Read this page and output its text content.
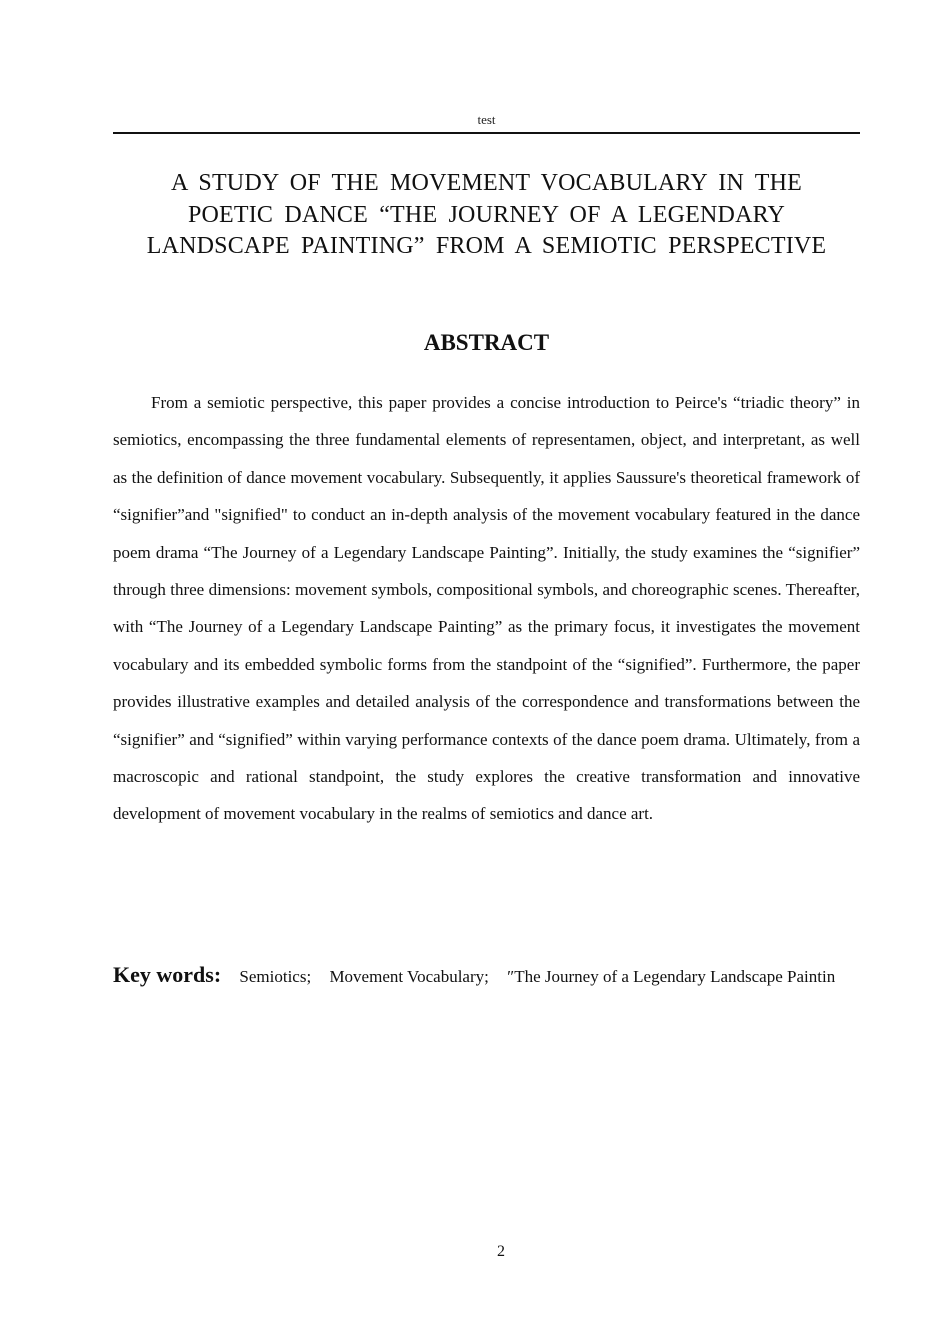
test
A STUDY OF THE MOVEMENT VOCABULARY IN THE
POETIC DANCE “THE JOURNEY OF A LEGENDARY
LANDSCAPE PAINTING” FROM A SEMIOTIC PERSPECTIVE
ABSTRACT

From a semiotic perspective, this paper provides a concise introduction to Peirce's “triadic theory” in semiotics, encompassing the three fundamental elements of representamen, object, and interpretant, as well as the definition of dance movement vocabulary. Subsequently, it applies Saussure's theoretical framework of “signifier”and "signified" to conduct an in-depth analysis of the movement vocabulary featured in the dance poem drama “The Journey of a Legendary Landscape Painting”. Initially, the study examines the “signifier” through three dimensions: movement symbols, compositional symbols, and choreographic scenes. Thereafter, with “The Journey of a Legendary Landscape Painting” as the primary focus, it investigates the movement vocabulary and its embedded symbolic forms from the standpoint of the “signified”. Furthermore, the paper provides illustrative examples and detailed analysis of the correspondence and transformations between the “signifier” and “signified” within varying performance contexts of the dance poem drama. Ultimately, from a macroscopic and rational standpoint, the study explores the creative transformation and innovative development of movement vocabulary in the realms of semiotics and dance art.

Key words: Semiotics; Movement Vocabulary; ″The Journey of a Legendary Landscape Paintin

2
